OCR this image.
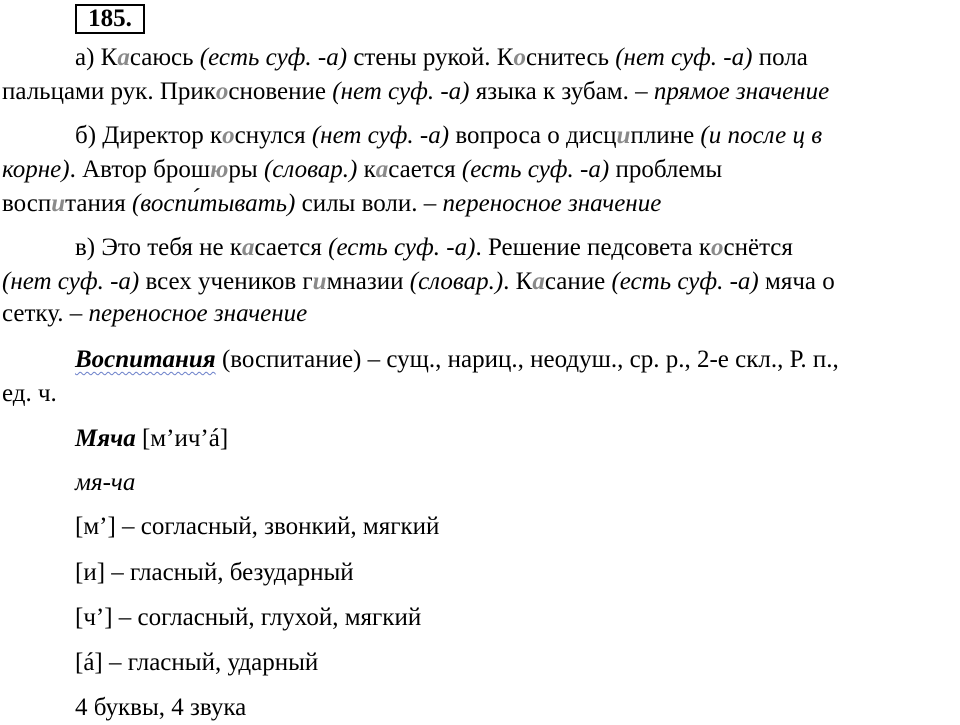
185.
а) Касаюсь (есть суф. -а) стены рукой. Коснитесь (нет суф. -а) пола
пальцами рук. Прикосновение (нет суф. -а) языка к зубам. – прямое значение
б) Директор коснулся (нет суф. -а) вопроса о дисциплине (и после ц в
корне). Автор брошюры (словар.) касается (есть суф. -а) проблемы
воспитания (воспи́тывать) силы воли. – переносное значение
в) Это тебя не касается (есть суф. -а). Решение педсовета коснётся
(нет суф. -а) всех учеников гимназии (словар.). Касание (есть суф. -а) мяча о
сетку. – переносное значение
Воспитания (воспитание) – сущ., нариц., неодуш., ср. р., 2-е скл., Р. п.,
ед. ч.
Мяча [м’ич’á]
мя-ча
[м’] – согласный, звонкий, мягкий
[и] – гласный, безударный
[ч’] – согласный, глухой, мягкий
[á] – гласный, ударный
4 буквы, 4 звука
